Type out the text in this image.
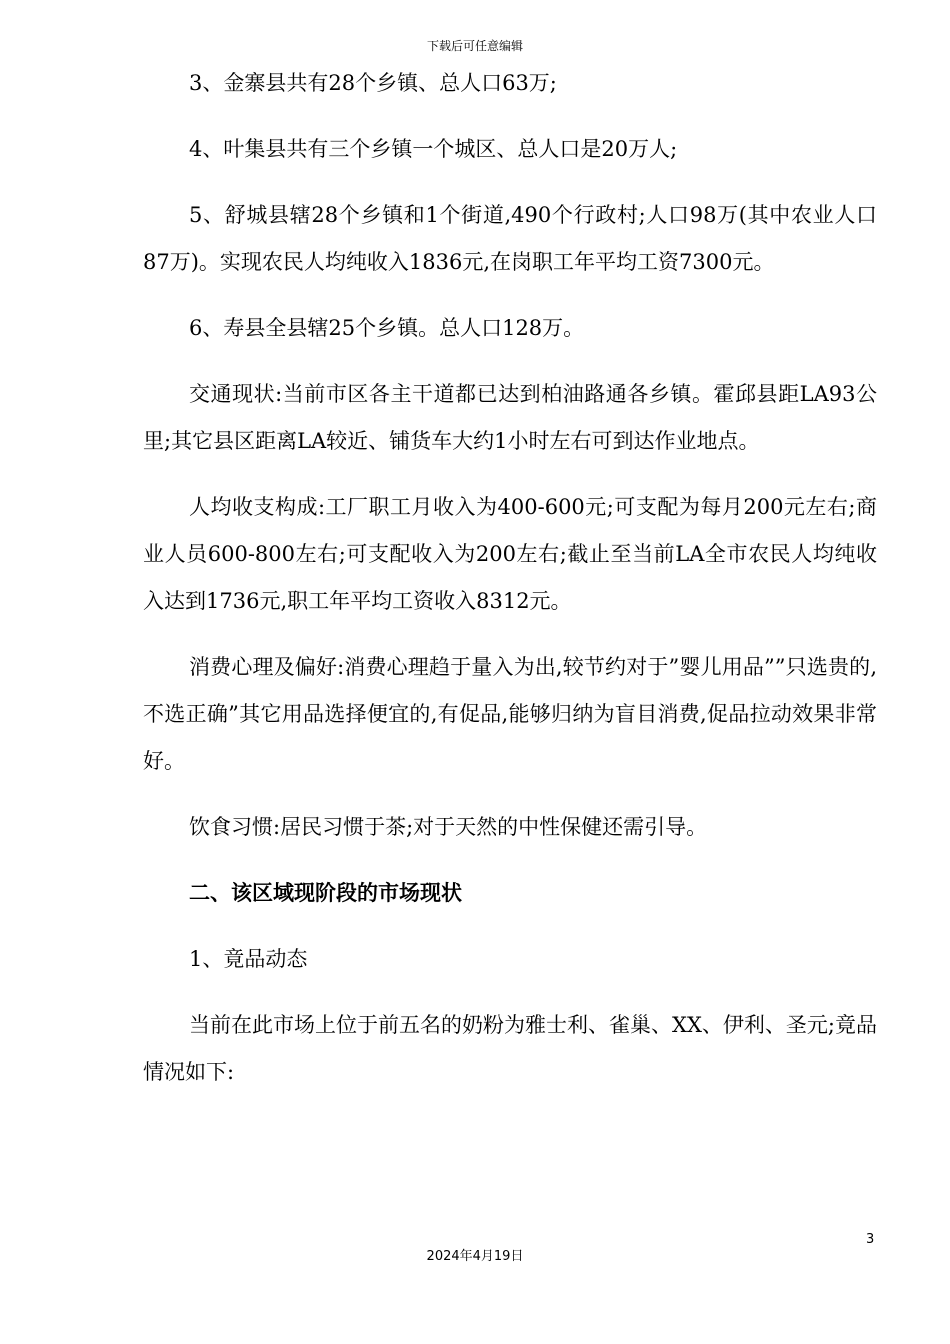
下载后可任意编辑

3、金寨县共有28个乡镇、总人口63万;

4、叶集县共有三个乡镇一个城区、总人口是20万人;

5、舒城县辖28个乡镇和1个街道,490个行政村;人口98万(其中农业人口87万)。实现农民人均纯收入1836元,在岗职工年平均工资7300元。

6、寿县全县辖25个乡镇。总人口128万。

交通现状:当前市区各主干道都已达到柏油路通各乡镇。霍邱县距LA93公里;其它县区距离LA较近、铺货车大约1小时左右可到达作业地点。

人均收支构成:工厂职工月收入为400-600元;可支配为每月200元左右;商业人员600-800左右;可支配收入为200左右;截止至当前LA全市农民人均纯收入达到1736元,职工年平均工资收入8312元。

消费心理及偏好:消费心理趋于量入为出,较节约对于”婴儿用品””只选贵的,不选正确”其它用品选择便宜的,有促品,能够归纳为盲目消费,促品拉动效果非常好。

饮食习惯:居民习惯于茶;对于天然的中性保健还需引导。

二、该区域现阶段的市场现状

1、竟品动态

当前在此市场上位于前五名的奶粉为雅士利、雀巢、XX、伊利、圣元;竟品情况如下:

3
2024年4月19日
